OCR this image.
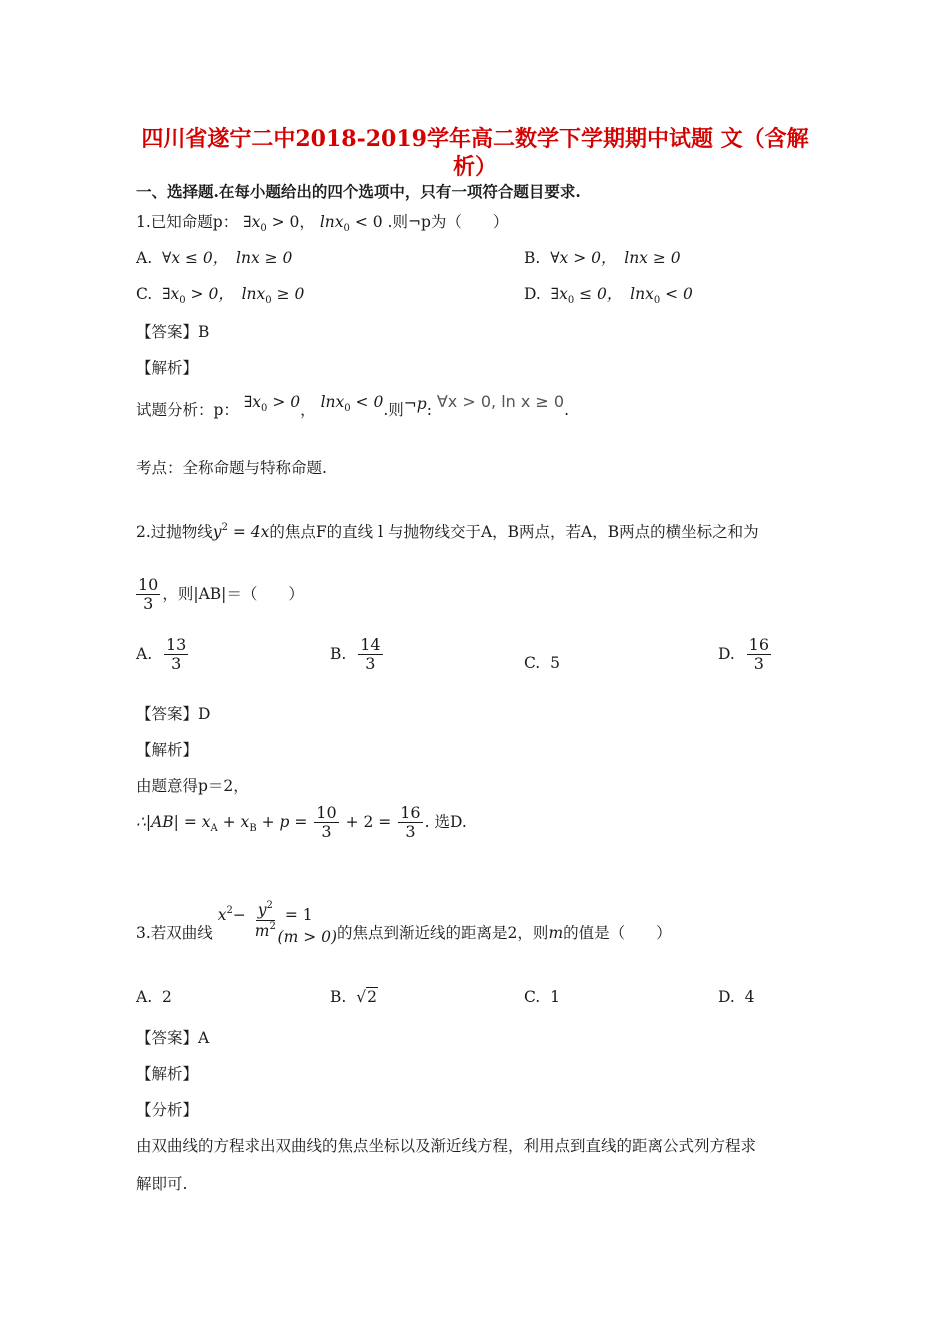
四川省遂宁二中2018-2019学年高二数学下学期期中试题 文（含解
析）
一、选择题.在每小题给出的四个选项中，只有一项符合题目要求.
1.已知命题p： $\exists x_0 > 0$， lnx$_0$ < 0 .则¬p为（　　）
A. ∀x ≤ 0，　lnx ≥ 0	B. ∀x > 0，　lnx ≥ 0
C. $\exists x_0 > 0$，　lnx$_0$ ≥ 0	D. $\exists x_0 \le 0$，　lnx$_0$ < 0
【答案】B
【解析】
试题分析：p： $\exists x_0 > 0$， lnx$_0$ < 0.则¬p: ∀x > 0, ln x ≥ 0.
考点：全称命题与特称命题.
2.过抛物线$y^2 = 4x$的焦点F的直线 l 与抛物线交于A，B两点，若A，B两点的横坐标之和为
$\frac{10}{3}$ ，则|AB|＝（　　）
A. $\frac{13}{3}$	B. $\frac{14}{3}$	C. 5
D. $\frac{16}{3}$
【答案】D
【解析】
由题意得p＝2，
∴|AB| = $x_A + x_B + p = \frac{10}{3} + 2 = \frac{16}{3}$ . 选D.
3.若双曲线 $x^2- \frac{y^2}{m^2} = 1$ (m > 0)的焦点到渐近线的距离是2，则m的值是（　　）
A. 2	B. √2	C. 1	D. 4
【答案】A
【解析】
【分析】
由双曲线的方程求出双曲线的焦点坐标以及渐近线方程，利用点到直线的距离公式列方程求
解即可.
